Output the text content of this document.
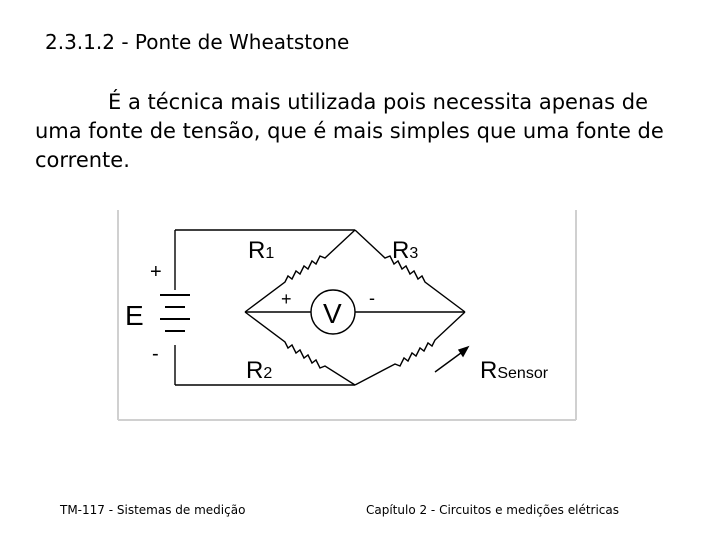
2.3.1.2 - Ponte de Wheatstone
É a técnica mais utilizada pois necessita apenas de
uma fonte de tensão, que é mais simples que uma fonte de
corrente.
+
E
-
R1	R3
R2	RSensor
+	-
V
TM-117 - Sistemas de medição	Capítulo 2 - Circuitos e medições elétricas
